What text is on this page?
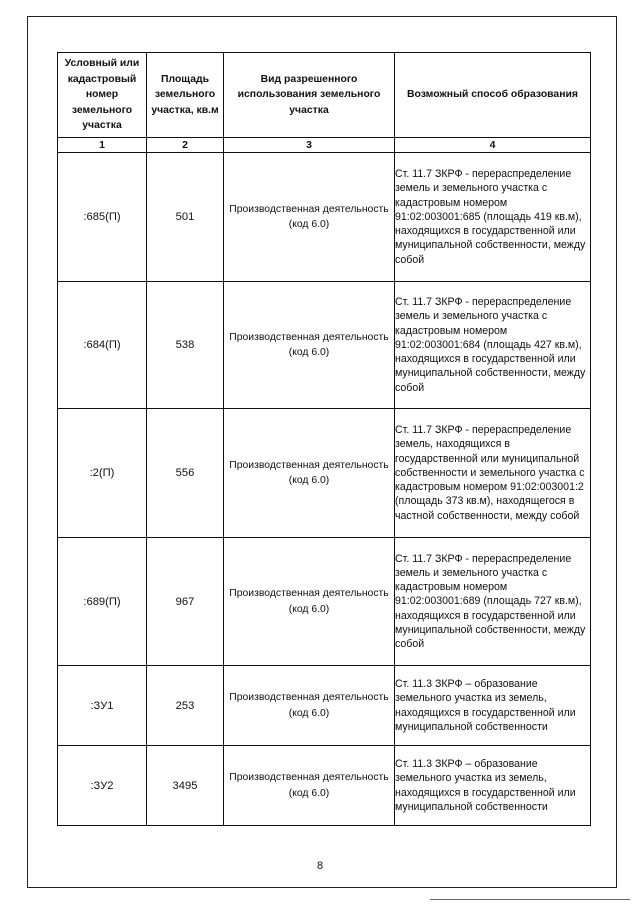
Условный или кадастровый номер земельного участка	Площадь земельного участка, кв.м	Вид разрешенного использования земельного участка	Возможный способ образования
1	2	3	4
:685(П)	501	Производственная деятельность (код 6.0)	Ст. 11.7 ЗКРФ - перераспределение земель и земельного участка с кадастровым номером 91:02:003001:685 (площадь 419 кв.м), находящихся в государственной или муниципальной собственности, между собой
:684(П)	538	Производственная деятельность (код 6.0)	Ст. 11.7 ЗКРФ - перераспределение земель и земельного участка с кадастровым номером 91:02:003001:684 (площадь 427 кв.м), находящихся в государственной или муниципальной собственности, между собой
:2(П)	556	Производственная деятельность (код 6.0)	Ст. 11.7 ЗКРФ - перераспределение земель, находящихся в государственной или муниципальной собственности и земельного участка с кадастровым номером 91:02:003001:2 (площадь 373 кв.м), находящегося в частной собственности, между собой
:689(П)	967	Производственная деятельность (код 6.0)	Ст. 11.7 ЗКРФ - перераспределение земель и земельного участка с кадастровым номером 91:02:003001:689 (площадь 727 кв.м), находящихся в государственной или муниципальной собственности, между собой
:ЗУ1	253	Производственная деятельность (код 6.0)	Ст. 11.3 ЗКРФ – образование земельного участка из земель, находящихся в государственной или муниципальной собственности
:ЗУ2	3495	Производственная деятельность (код 6.0)	Ст. 11.3 ЗКРФ – образование земельного участка из земель, находящихся в государственной или муниципальной собственности
8
